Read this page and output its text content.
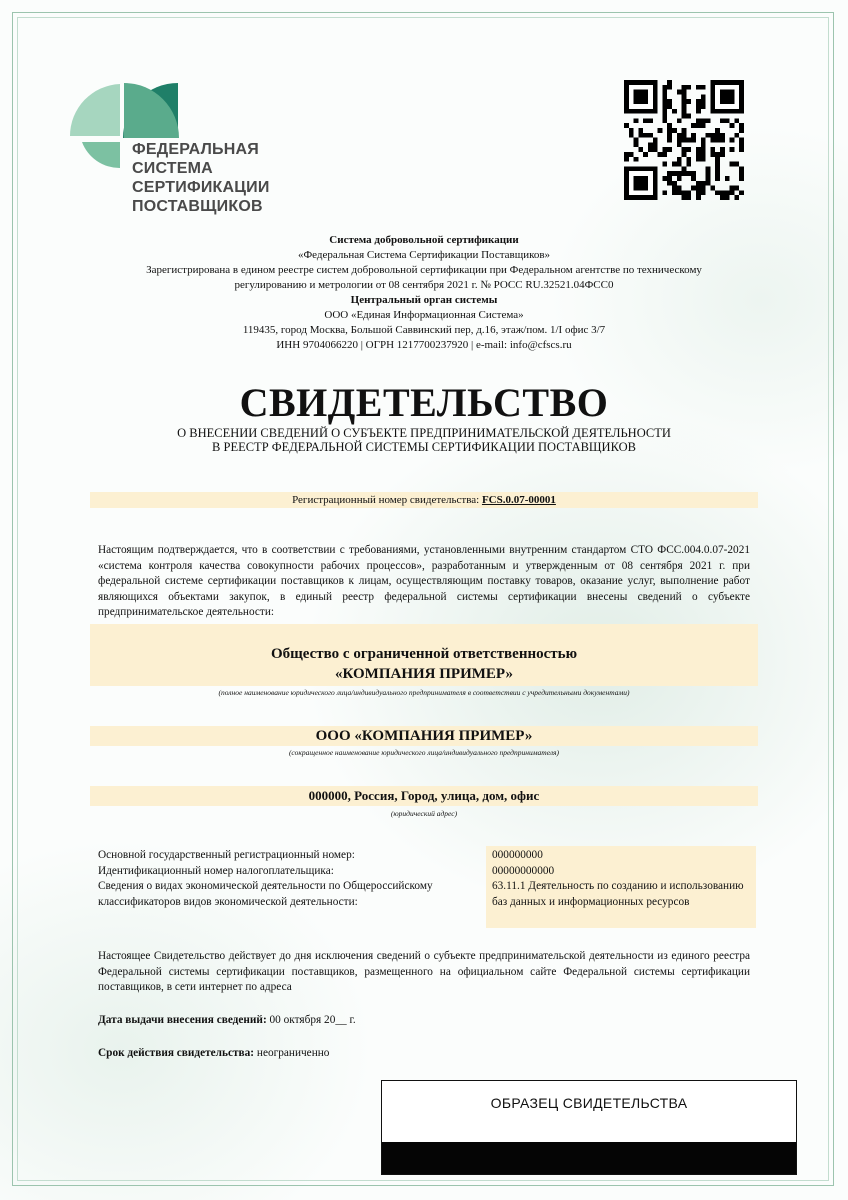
ФЕДЕРАЛЬНАЯ
СИСТЕМА
СЕРТИФИКАЦИИ
ПОСТАВЩИКОВ
Система добровольной сертификации
«Федеральная Система Сертификации Поставщиков»
Зарегистрирована в едином реестре систем добровольной сертификации при Федеральном агентстве по техническому
регулированию и метрологии от 08 сентября 2021 г. № РОСС RU.32521.04ФСС0
Центральный орган системы
ООО «Единая Информационная Система»
119435, город Москва, Большой Саввинский пер, д.16, этаж/пом. 1/I офис 3/7
ИНН 9704066220 | ОГРН 1217700237920 | e-mail: info@cfscs.ru
СВИДЕТЕЛЬСТВО
О ВНЕСЕНИИ СВЕДЕНИЙ О СУБЪЕКТЕ ПРЕДПРИНИМАТЕЛЬСКОЙ ДЕЯТЕЛЬНОСТИ
В РЕЕСТР ФЕДЕРАЛЬНОЙ СИСТЕМЫ СЕРТИФИКАЦИИ ПОСТАВЩИКОВ
Регистрационный номер свидетельства: FCS.0.07-00001
Настоящим подтверждается, что в соответствии с требованиями, установленными внутренним стандартом СТО ФСС.004.0.07-2021 «система контроля качества совокупности рабочих процессов», разработанным и утвержденным от 08 сентября 2021 г. при федеральной системе сертификации поставщиков к лицам, осуществляющим поставку товаров, оказание услуг, выполнение работ являющихся объектами закупок, в единый реестр федеральной системы сертификации внесены сведений о субъекте предпринимательское деятельности:
Общество с ограниченной ответственностью
«КОМПАНИЯ ПРИМЕР»
(полное наименование юридического лица/индивидуального предпринимателя в соответствии с учредительными документами)
ООО «КОМПАНИЯ ПРИМЕР»
(сокращенное наименование юридического лица/индивидуального предпринимателя)
000000, Россия, Город, улица, дом, офис
(юридический адрес)
Основной государственный регистрационный номер:
Идентификационный номер налогоплательщика:
Сведения о видах экономической деятельности по Общероссийскому классификаторов видов экономической деятельности:
000000000
00000000000
63.11.1 Деятельность по созданию и использованию баз данных и информационных ресурсов
Настоящее Свидетельство действует до дня исключения сведений о субъекте предпринимательской деятельности из единого реестра Федеральной системы сертификации поставщиков, размещенного на официальном сайте Федеральной системы сертификации поставщиков, в сети интернет по адреса
Дата выдачи внесения сведений: 00 октября 20__ г.
Срок действия свидетельства: неограниченно
ОБРАЗЕЦ СВИДЕТЕЛЬСТВА
